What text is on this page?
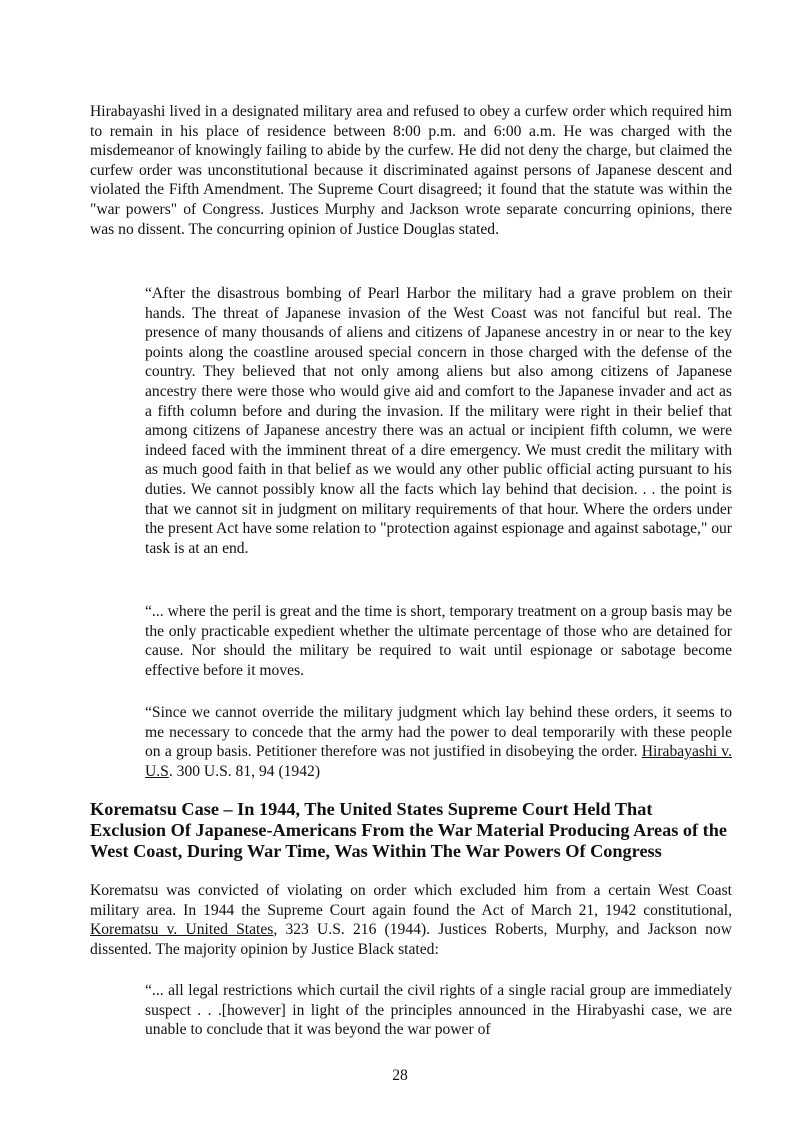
Hirabayashi lived in a designated military area and refused to obey a curfew order which required him to remain in his place of residence between 8:00 p.m. and 6:00 a.m. He was charged with the misdemeanor of knowingly failing to abide by the curfew. He did not deny the charge, but claimed the curfew order was unconstitutional because it discriminated against persons of Japanese descent and violated the Fifth Amendment. The Supreme Court disagreed; it found that the statute was within the "war powers" of Congress. Justices Murphy and Jackson wrote separate concurring opinions, there was no dissent. The concurring opinion of Justice Douglas stated.

“After the disastrous bombing of Pearl Harbor the military had a grave problem on their hands. The threat of Japanese invasion of the West Coast was not fanciful but real. The presence of many thousands of aliens and citizens of Japanese ancestry in or near to the key points along the coastline aroused special concern in those charged with the defense of the country. They believed that not only among aliens but also among citizens of Japanese ancestry there were those who would give aid and comfort to the Japanese invader and act as a fifth column before and during the invasion. If the military were right in their belief that among citizens of Japanese ancestry there was an actual or incipient fifth column, we were indeed faced with the imminent threat of a dire emergency. We must credit the military with as much good faith in that belief as we would any other public official acting pursuant to his duties. We cannot possibly know all the facts which lay behind that decision. . . the point is that we cannot sit in judgment on military requirements of that hour. Where the orders under the present Act have some relation to "protection against espionage and against sabotage," our task is at an end.

“... where the peril is great and the time is short, temporary treatment on a group basis may be the only practicable expedient whether the ultimate percentage of those who are detained for cause. Nor should the military be required to wait until espionage or sabotage become effective before it moves.

“Since we cannot override the military judgment which lay behind these orders, it seems to me necessary to concede that the army had the power to deal temporarily with these people on a group basis. Petitioner therefore was not justified in disobeying the order. Hirabayashi v. U.S. 300 U.S. 81, 94 (1942)

Korematsu Case – In 1944, The United States Supreme Court Held That Exclusion Of Japanese-Americans From the War Material Producing Areas of the West Coast, During War Time, Was Within The War Powers Of Congress

Korematsu was convicted of violating on order which excluded him from a certain West Coast military area. In 1944 the Supreme Court again found the Act of March 21, 1942 constitutional, Korematsu v. United States, 323 U.S. 216 (1944). Justices Roberts, Murphy, and Jackson now dissented. The majority opinion by Justice Black stated:

“... all legal restrictions which curtail the civil rights of a single racial group are immediately suspect . . .[however] in light of the principles announced in the Hirabyashi case, we are unable to conclude that it was beyond the war power of

28
